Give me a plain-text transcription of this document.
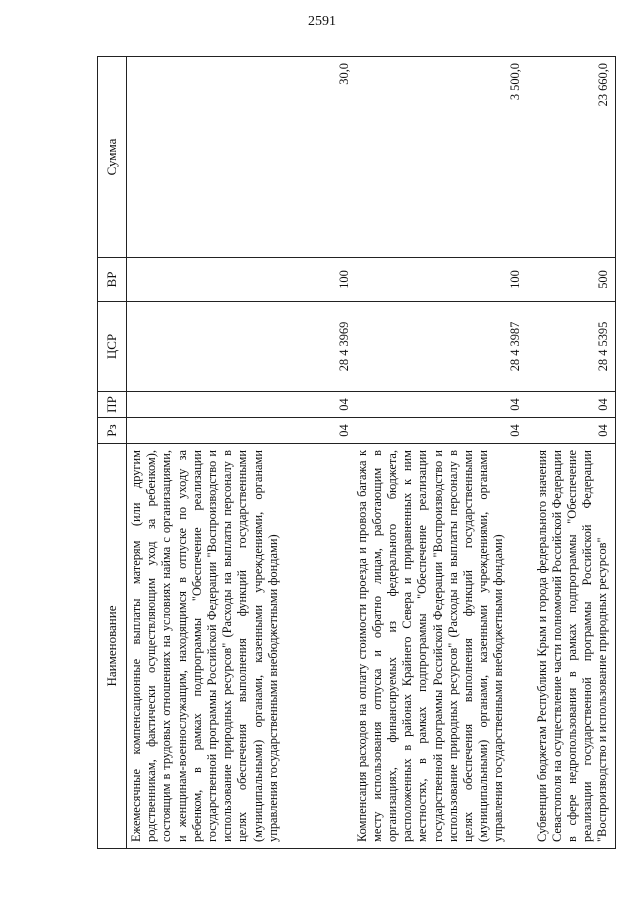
2591
Наименование	Рз	ПР	ЦСР	ВР	Сумма
Ежемесячные компенсационные выплаты матерям (или другим родственникам, фактически осуществляющим уход за ребенком), состоящим в трудовых отношениях на условиях найма с организациями, и женщинам-военнослужащим, находящимся в отпуске по уходу за ребенком, в рамках подпрограммы "Обеспечение реализации государственной программы Российской Федерации "Воспроизводство и использование природных ресурсов" (Расходы на выплаты персоналу в целях обеспечения выполнения функций государственными (муниципальными) органами, казенными учреждениями, органами управления государственными внебюджетными фондами)	04	04	28 4 3969	100	30,0
Компенсация расходов на оплату стоимости проезда и провоза багажа к месту использования отпуска и обратно лицам, работающим в организациях, финансируемых из федерального бюджета, расположенных в районах Крайнего Севера и приравненных к ним местностях, в рамках подпрограммы "Обеспечение реализации государственной программы Российской Федерации "Воспроизводство и использование природных ресурсов" (Расходы на выплаты персоналу в целях обеспечения выполнения функций государственными (муниципальными) органами, казенными учреждениями, органами управления государственными внебюджетными фондами)	04	04	28 4 3987	100	3 500,0
Субвенции бюджетам Республики Крым и города федерального значения Севастополя на осуществление части полномочий Российской Федерации в сфере недропользования в рамках подпрограммы "Обеспечение реализации государственной программы Российской Федерации "Воспроизводство и использование природных ресурсов"	04	04	28 4 5395	500	23 660,0
